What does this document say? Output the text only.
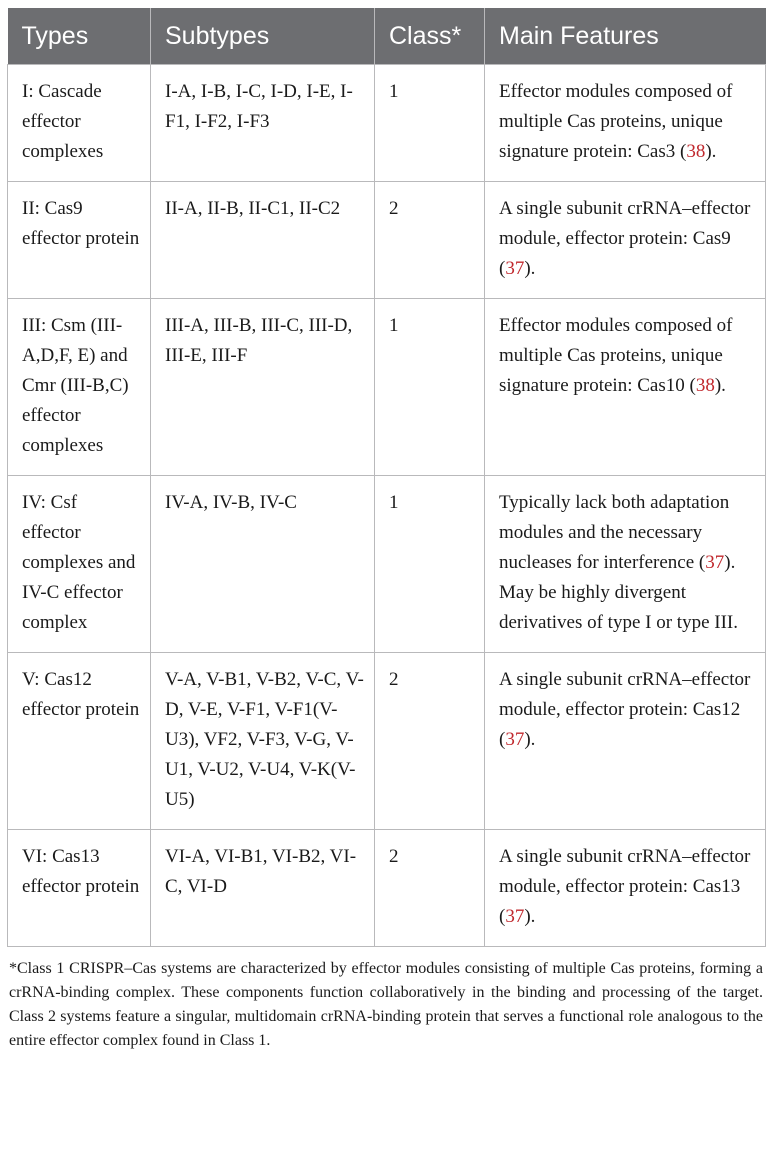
Types	Subtypes	Class*	Main Features
I: Cascade effector complexes	I-A, I-B, I-C, I-D, I-E, I-F1, I-F2, I-F3	1	Effector modules composed of multiple Cas proteins, unique signature protein: Cas3 (38).
II: Cas9 effector protein	II-A, II-B, II-C1, II-C2	2	A single subunit crRNA–effector module, effector protein: Cas9 (37).
III: Csm (III-A,D,F, E) and Cmr (III-B,C) effector complexes	III-A, III-B, III-C, III-D, III-E, III-F	1	Effector modules composed of multiple Cas proteins, unique signature protein: Cas10 (38).
IV: Csf effector complexes and IV-C effector complex	IV-A, IV-B, IV-C	1	Typically lack both adaptation modules and the necessary nucleases for interference (37). May be highly divergent derivatives of type I or type III.
V: Cas12 effector protein	V-A, V-B1, V-B2, V-C, V-D, V-E, V-F1, V-F1(V-U3), VF2, V-F3, V-G, V-U1, V-U2, V-U4, V-K(V-U5)	2	A single subunit crRNA–effector module, effector protein: Cas12 (37).
VI: Cas13 effector protein	VI-A, VI-B1, VI-B2, VI-C, VI-D	2	A single subunit crRNA–effector module, effector protein: Cas13 (37).
*Class 1 CRISPR–Cas systems are characterized by effector modules consisting of multiple Cas proteins, forming a crRNA-binding complex. These components function collaboratively in the binding and processing of the target. Class 2 systems feature a singular, multidomain crRNA-binding protein that serves a functional role analogous to the entire effector complex found in Class 1.
